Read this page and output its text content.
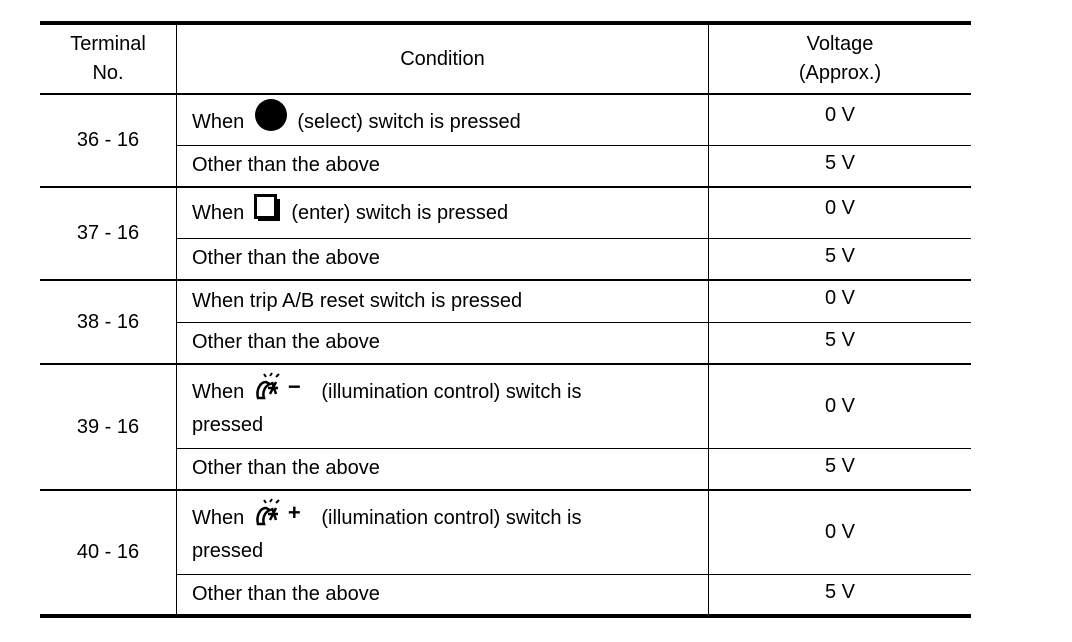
Terminal
No.	Condition	Voltage
(Approx.)
36 - 16	When (select) switch is pressed	0 V
	Other than the above	5 V
37 - 16	When (enter) switch is pressed	0 V
	Other than the above	5 V
38 - 16	When trip A/B reset switch is pressed	0 V
	Other than the above	5 V
39 - 16	When − (illumination control) switch is
pressed	0 V
	Other than the above	5 V
40 - 16	When + (illumination control) switch is
pressed	0 V
	Other than the above	5 V
